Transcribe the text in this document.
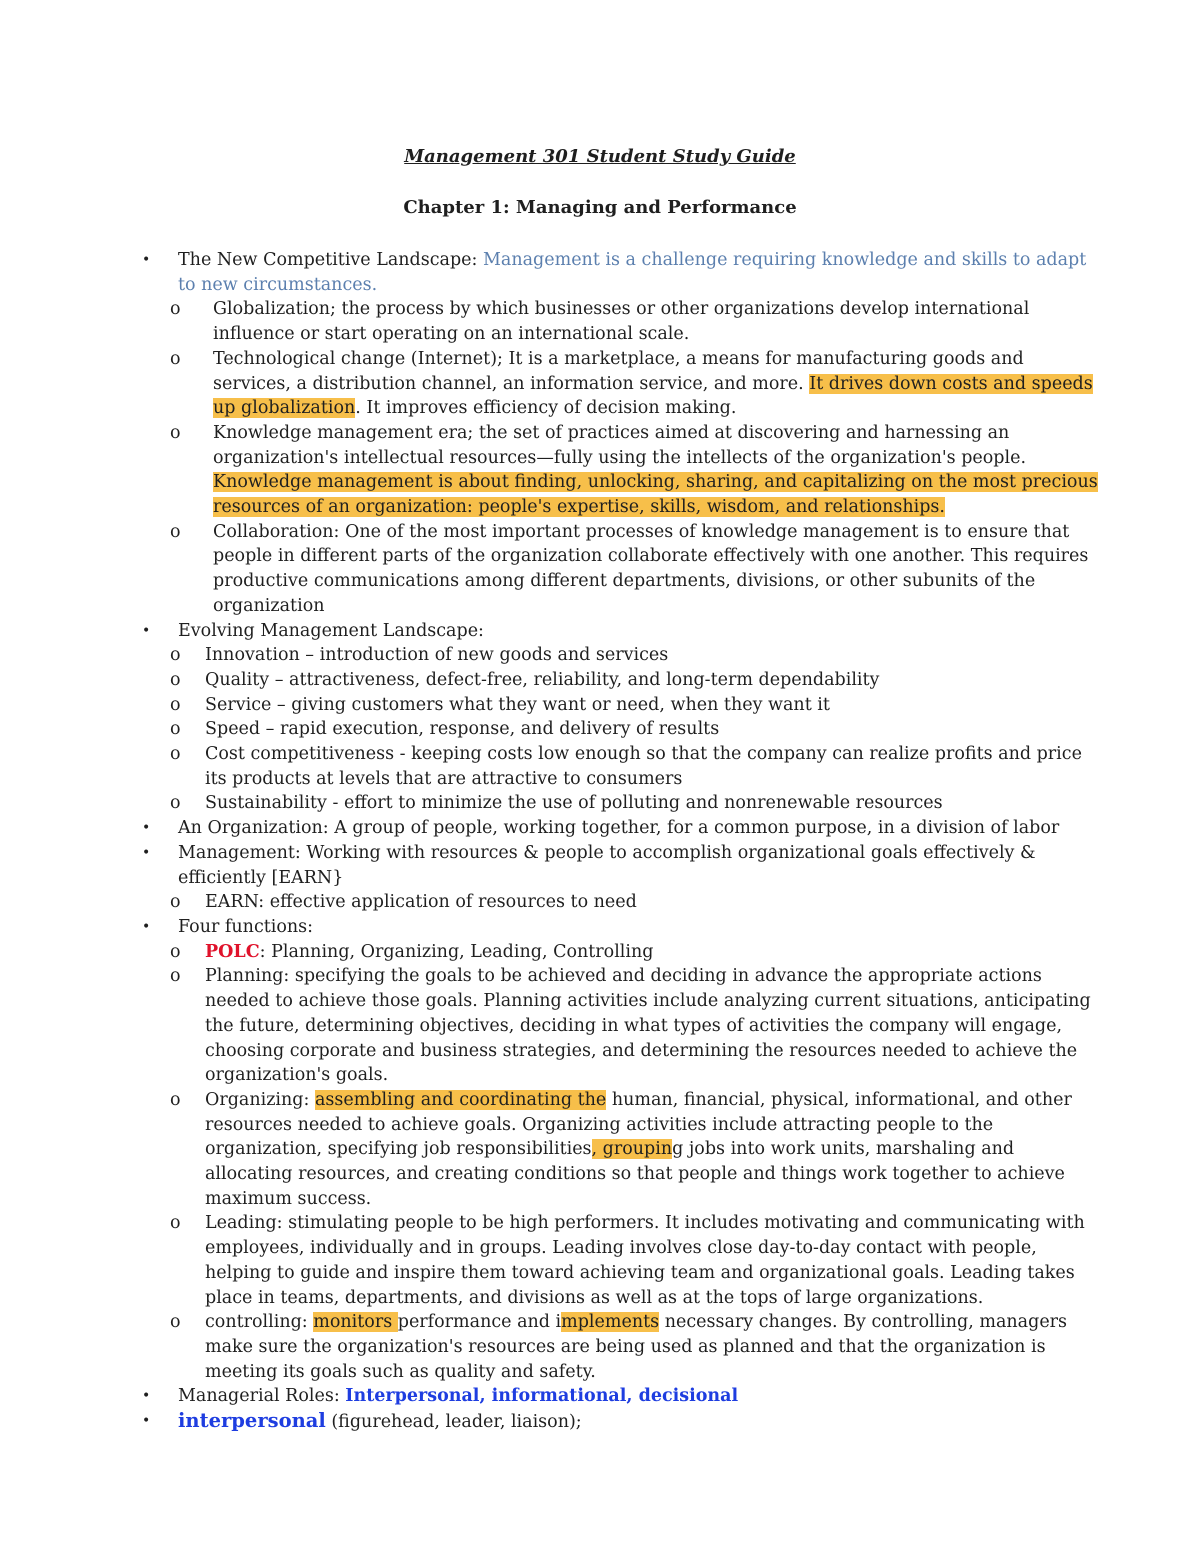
Management 301 Student Study Guide
Chapter 1: Managing and Performance
• The New Competitive Landscape: Management is a challenge requiring knowledge and skills to adapt to new circumstances.
o Globalization; the process by which businesses or other organizations develop international influence or start operating on an international scale.
o Technological change (Internet); It is a marketplace, a means for manufacturing goods and services, a distribution channel, an information service, and more. It drives down costs and speeds up globalization. It improves efficiency of decision making.
o Knowledge management era; the set of practices aimed at discovering and harnessing an organization's intellectual resources—fully using the intellects of the organization's people. Knowledge management is about finding, unlocking, sharing, and capitalizing on the most precious resources of an organization: people's expertise, skills, wisdom, and relationships.
o Collaboration: One of the most important processes of knowledge management is to ensure that people in different parts of the organization collaborate effectively with one another. This requires productive communications among different departments, divisions, or other subunits of the organization
• Evolving Management Landscape:
o Innovation – introduction of new goods and services
o Quality – attractiveness, defect-free, reliability, and long-term dependability
o Service – giving customers what they want or need, when they want it
o Speed – rapid execution, response, and delivery of results
o Cost competitiveness - keeping costs low enough so that the company can realize profits and price its products at levels that are attractive to consumers
o Sustainability - effort to minimize the use of polluting and nonrenewable resources
• An Organization: A group of people, working together, for a common purpose, in a division of labor
• Management: Working with resources & people to accomplish organizational goals effectively & efficiently [EARN}
o EARN: effective application of resources to need
• Four functions:
o POLC: Planning, Organizing, Leading, Controlling
o Planning: specifying the goals to be achieved and deciding in advance the appropriate actions needed to achieve those goals. Planning activities include analyzing current situations, anticipating the future, determining objectives, deciding in what types of activities the company will engage, choosing corporate and business strategies, and determining the resources needed to achieve the organization's goals.
o Organizing: assembling and coordinating the human, financial, physical, informational, and other resources needed to achieve goals. Organizing activities include attracting people to the organization, specifying job responsibilities, grouping jobs into work units, marshaling and allocating resources, and creating conditions so that people and things work together to achieve maximum success.
o Leading: stimulating people to be high performers. It includes motivating and communicating with employees, individually and in groups. Leading involves close day-to-day contact with people, helping to guide and inspire them toward achieving team and organizational goals. Leading takes place in teams, departments, and divisions as well as at the tops of large organizations.
o controlling: monitors performance and implements necessary changes. By controlling, managers make sure the organization's resources are being used as planned and that the organization is meeting its goals such as quality and safety.
• Managerial Roles: Interpersonal, informational, decisional
• interpersonal (figurehead, leader, liaison);
